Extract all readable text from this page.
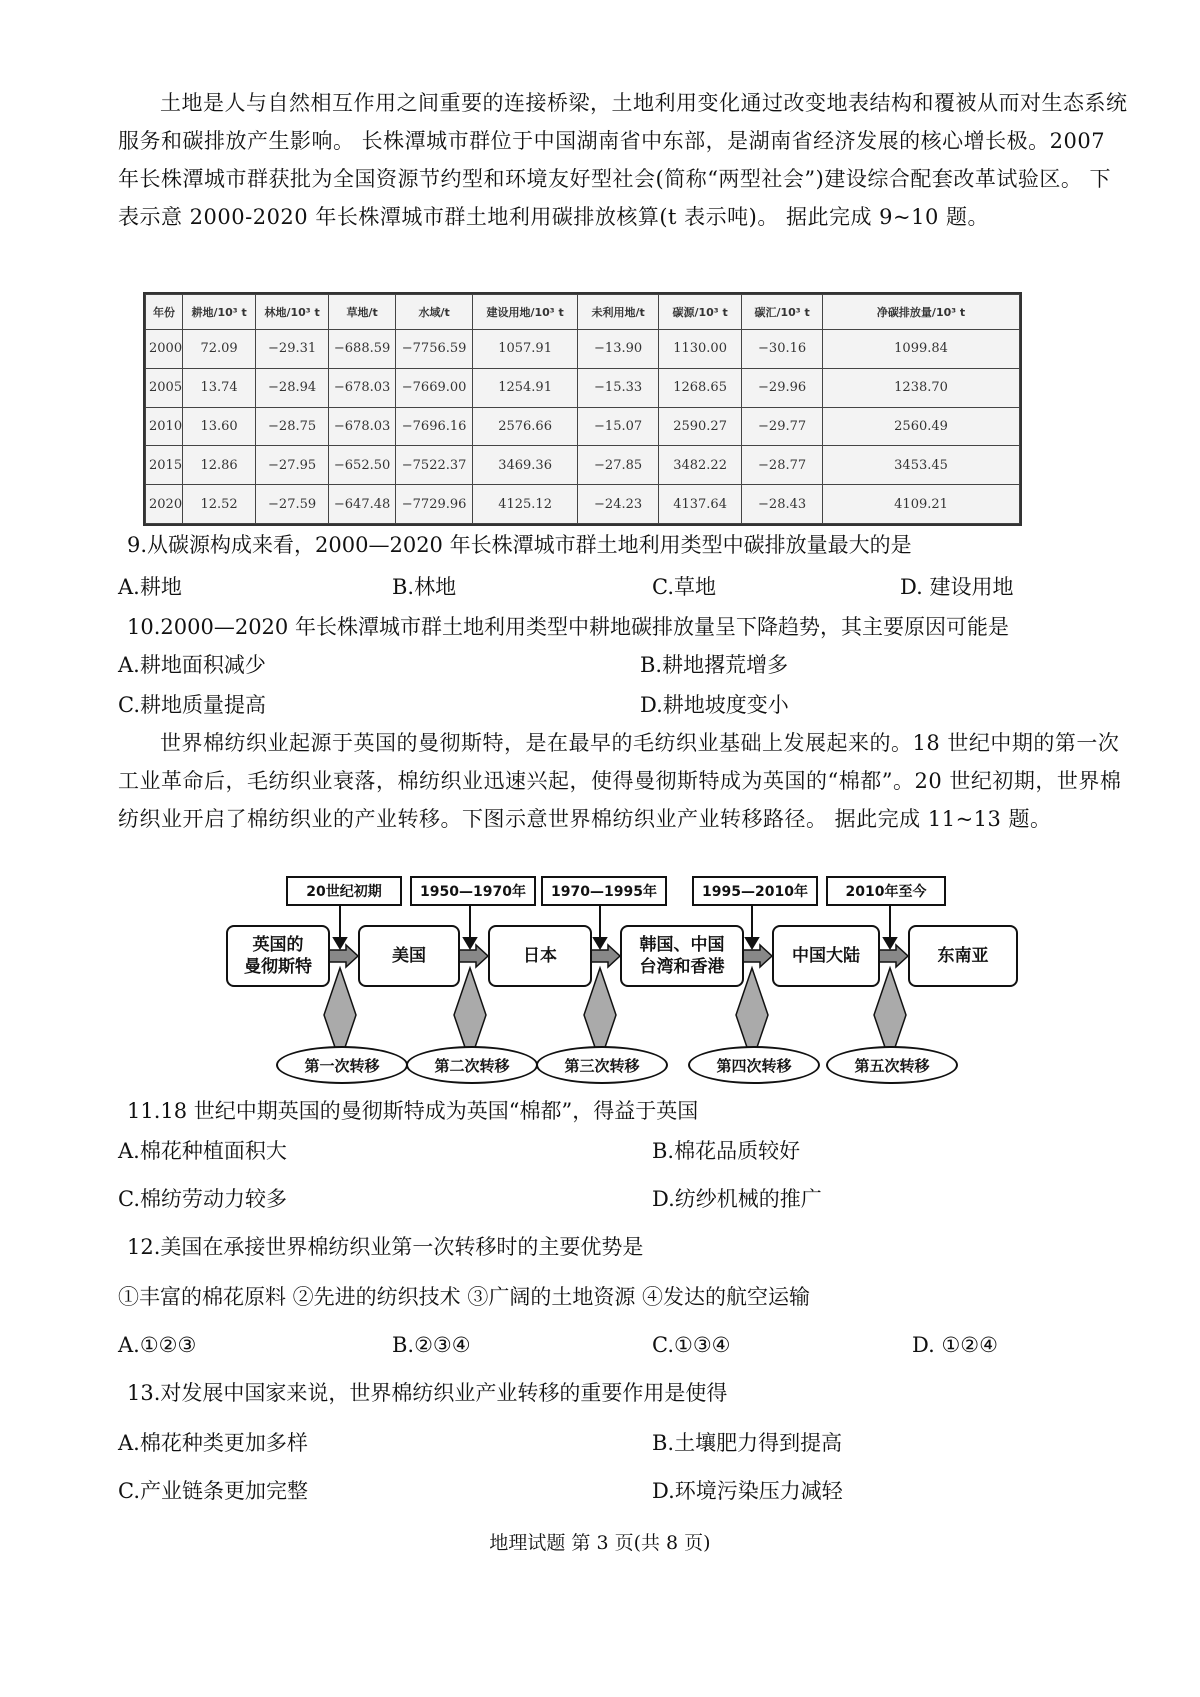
土地是人与自然相互作用之间重要的连接桥梁，土地利用变化通过改变地表结构和覆被从而对生态系统服务和碳排放产生影响。 长株潭城市群位于中国湖南省中东部，是湖南省经济发展的核心增长极。2007 年长株潭城市群获批为全国资源节约型和环境友好型社会(简称“两型社会”)建设综合配套改革试验区。 下表示意 2000-2020 年长株潭城市群土地利用碳排放核算(t 表示吨)。 据此完成 9~10 题。

年份	耕地/10³ t	林地/10³ t	草地/t	水域/t	建设用地/10³ t	未利用地/t	碳源/10³ t	碳汇/10³ t	净碳排放量/10³ t
2000	72.09	−29.31	−688.59	−7756.59	1057.91	−13.90	1130.00	−30.16	1099.84
2005	13.74	−28.94	−678.03	−7669.00	1254.91	−15.33	1268.65	−29.96	1238.70
2010	13.60	−28.75	−678.03	−7696.16	2576.66	−15.07	2590.27	−29.77	2560.49
2015	12.86	−27.95	−652.50	−7522.37	3469.36	−27.85	3482.22	−28.77	3453.45
2020	12.52	−27.59	−647.48	−7729.96	4125.12	−24.23	4137.64	−28.43	4109.21

9.从碳源构成来看，2000—2020 年长株潭城市群土地利用类型中碳排放量最大的是

A.耕地	B.林地	C.草地	D. 建设用地

10.2000—2020 年长株潭城市群土地利用类型中耕地碳排放量呈下降趋势，其主要原因可能是

A.耕地面积减少	B.耕地撂荒增多
C.耕地质量提高	D.耕地坡度变小

世界棉纺织业起源于英国的曼彻斯特，是在最早的毛纺织业基础上发展起来的。18 世纪中期的第一次工业革命后，毛纺织业衰落，棉纺织业迅速兴起，使得曼彻斯特成为英国的“棉都”。20 世纪初期，世界棉纺织业开启了棉纺织业的产业转移。下图示意世界棉纺织业产业转移路径。 据此完成 11~13 题。

20世纪初期	1950—1970年	1970—1995年	1995—2010年	2010年至今
英国的
曼彻斯特
美国	日本
韩国、中国
台湾和香港
中国大陆	东南亚
第一次转移	第二次转移	第三次转移	第四次转移	第五次转移

11.18 世纪中期英国的曼彻斯特成为英国“棉都”，得益于英国

A.棉花种植面积大	B.棉花品质较好
C.棉纺劳动力较多	D.纺纱机械的推广

12.美国在承接世界棉纺织业第一次转移时的主要优势是

①丰富的棉花原料 ②先进的纺织技术 ③广阔的土地资源 ④发达的航空运输

A.①②③	B.②③④	C.①③④	D. ①②④

13.对发展中国家来说，世界棉纺织业产业转移的重要作用是使得

A.棉花种类更加多样	B.土壤肥力得到提高
C.产业链条更加完整	D.环境污染压力减轻
地理试题 第 3 页(共 8 页)
